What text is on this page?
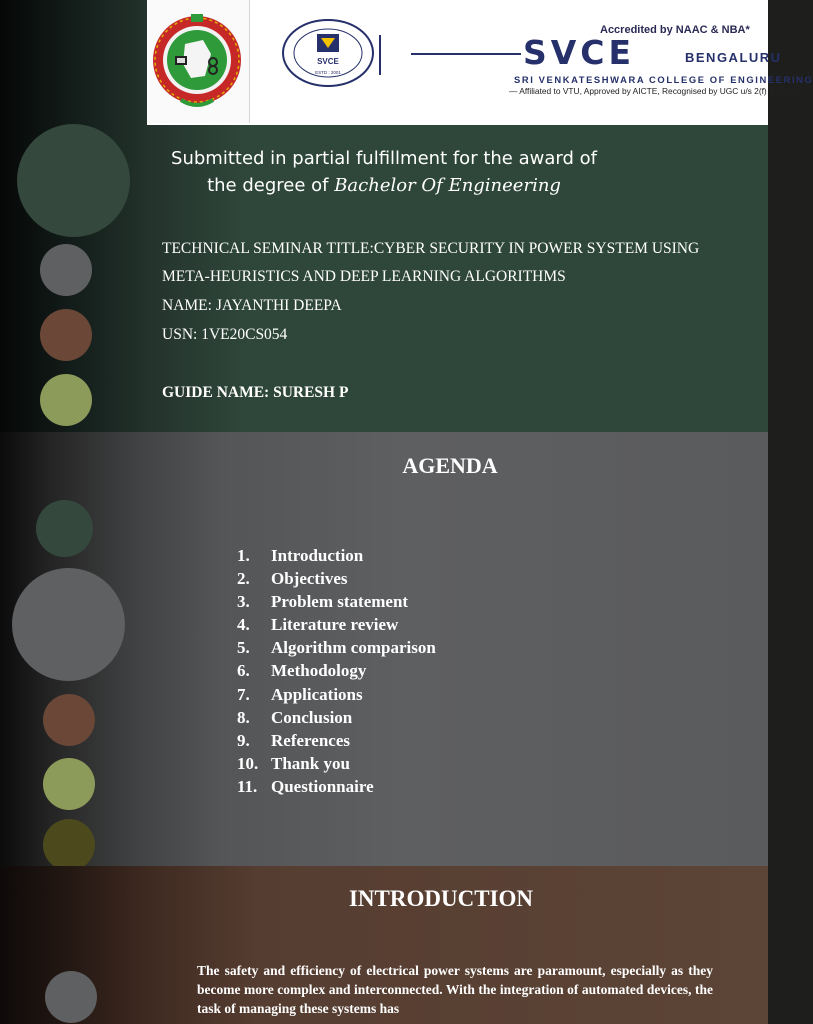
SVCE
ESTD : 2001
Accredited by NAAC & NBA*
SVCE	BENGALURU
SRI VENKATESHWARA COLLEGE OF ENGINEERING
— Affiliated to VTU, Approved by AICTE, Recognised by UGC u/s 2(f) & 12(B)—
Submitted in partial fulfillment for the award of
the degree of Bachelor Of Engineering
TECHNICAL SEMINAR TITLE:CYBER SECURITY IN POWER SYSTEM USING
META-HEURISTICS AND DEEP LEARNING ALGORITHMS
NAME: JAYANTHI DEEPA
USN: 1VE20CS054
GUIDE NAME: SURESH P
AGENDA
1. Introduction
2. Objectives
3. Problem statement
4. Literature review
5. Algorithm comparison
6. Methodology
7. Applications
8. Conclusion
9. References
10. Thank you
11. Questionnaire
INTRODUCTION
The safety and efficiency of electrical power systems are paramount, especially as they become more complex and interconnected. With the integration of automated devices, the task of managing these systems has
